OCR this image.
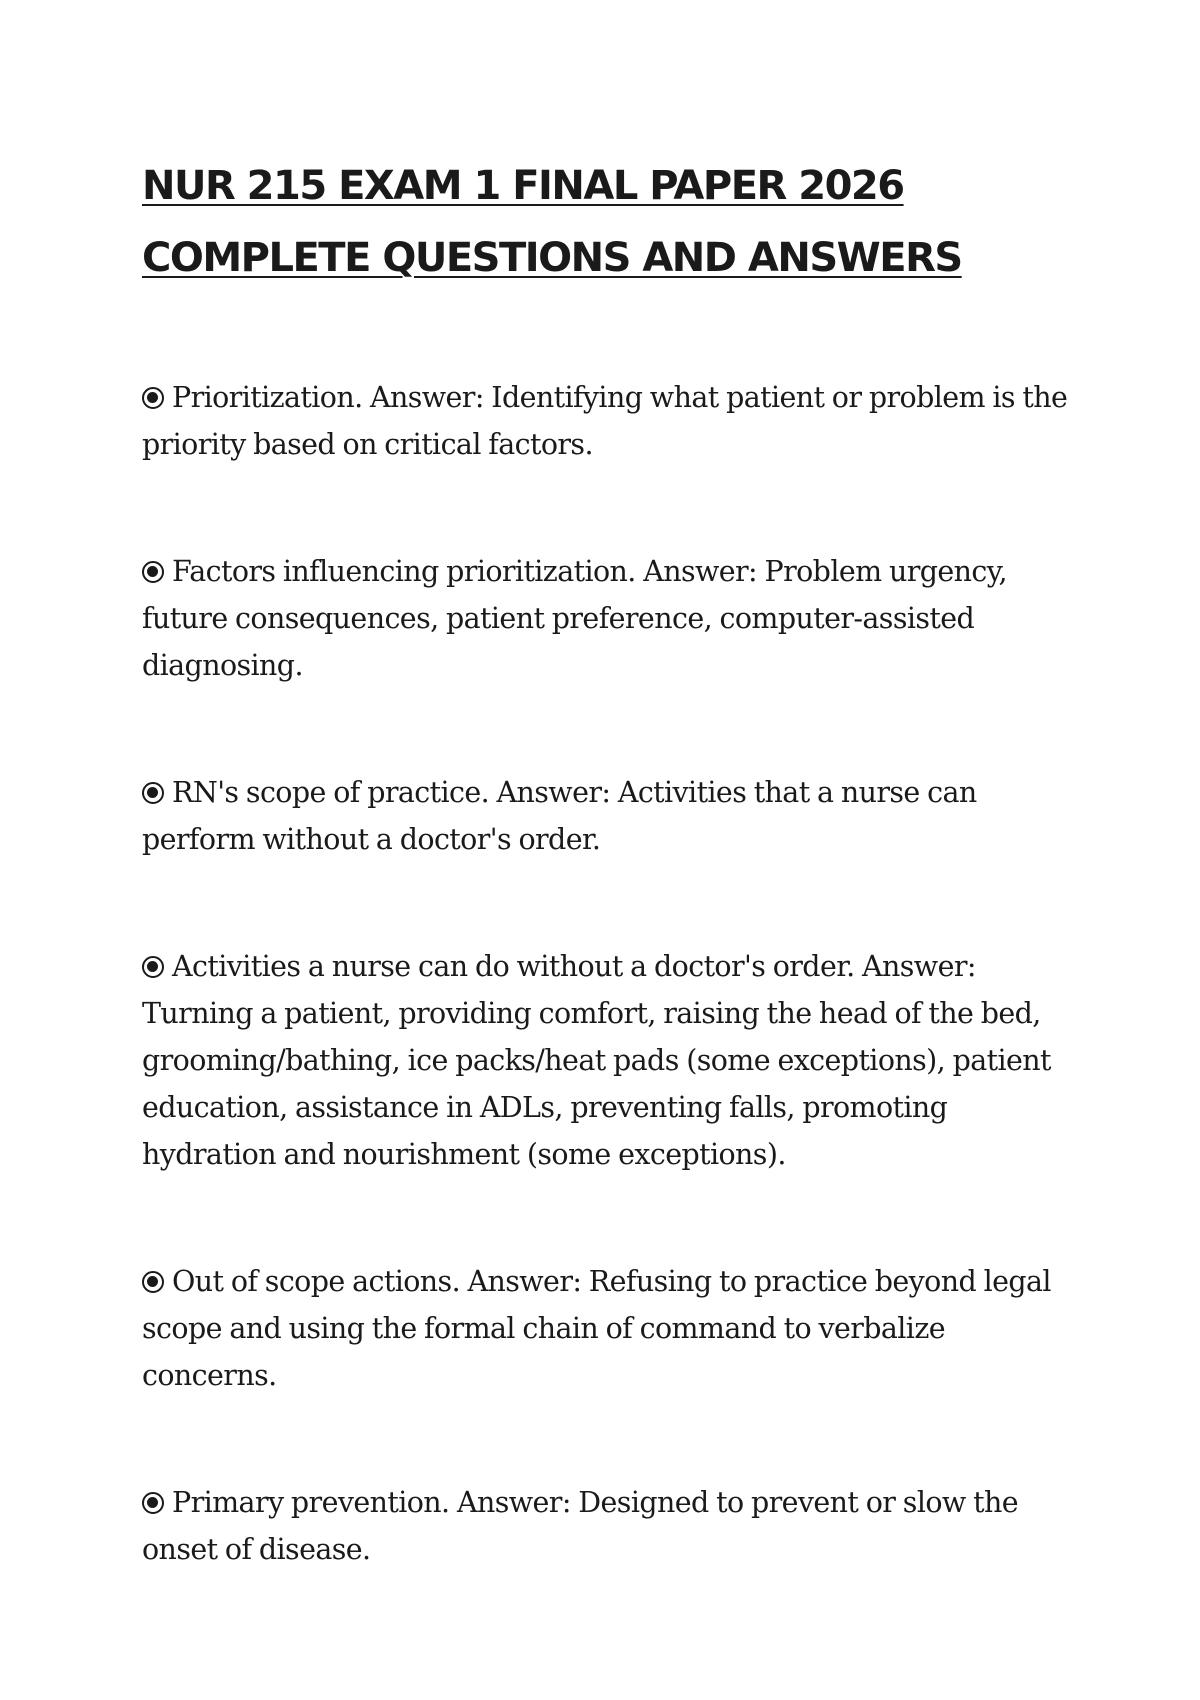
NUR 215 EXAM 1 FINAL PAPER 2026 COMPLETE QUESTIONS AND ANSWERS
Prioritization. Answer: Identifying what patient or problem is the priority based on critical factors.
Factors influencing prioritization. Answer: Problem urgency, future consequences, patient preference, computer-assisted diagnosing.
RN's scope of practice. Answer: Activities that a nurse can perform without a doctor's order.
Activities a nurse can do without a doctor's order. Answer: Turning a patient, providing comfort, raising the head of the bed, grooming/bathing, ice packs/heat pads (some exceptions), patient education, assistance in ADLs, preventing falls, promoting hydration and nourishment (some exceptions).
Out of scope actions. Answer: Refusing to practice beyond legal scope and using the formal chain of command to verbalize concerns.
Primary prevention. Answer: Designed to prevent or slow the onset of disease.
